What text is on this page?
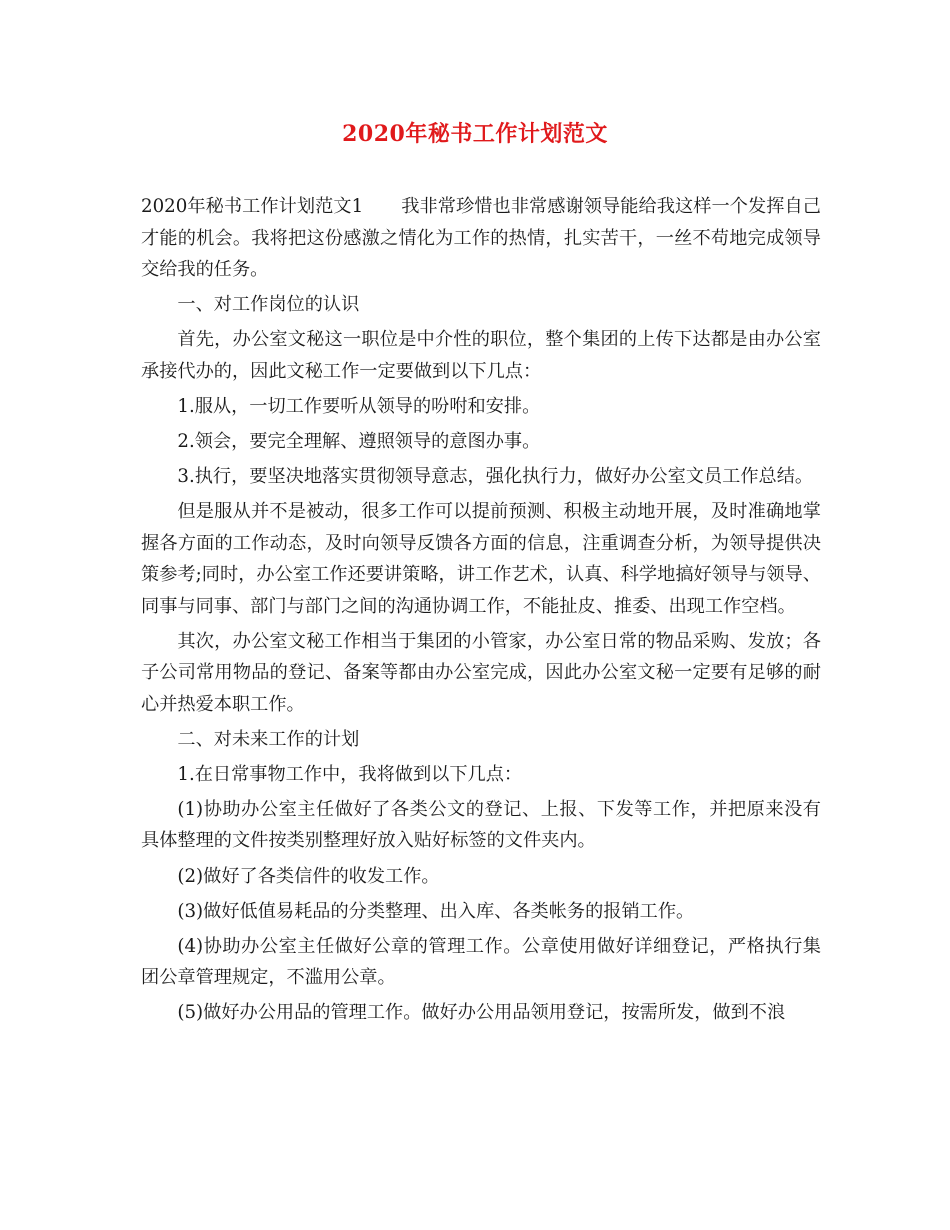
2020年秘书工作计划范文

2020年秘书工作计划范文1 我非常珍惜也非常感谢领导能给我这样一个发挥自己才能的机会。我将把这份感激之情化为工作的热情，扎实苦干，一丝不苟地完成领导交给我的任务。

一、对工作岗位的认识

首先，办公室文秘这一职位是中介性的职位，整个集团的上传下达都是由办公室承接代办的，因此文秘工作一定要做到以下几点：

1.服从，一切工作要听从领导的吩咐和安排。

2.领会，要完全理解、遵照领导的意图办事。

3.执行，要坚决地落实贯彻领导意志，强化执行力，做好办公室文员工作总结。

但是服从并不是被动，很多工作可以提前预测、积极主动地开展，及时准确地掌握各方面的工作动态，及时向领导反馈各方面的信息，注重调查分析，为领导提供决策参考;同时，办公室工作还要讲策略，讲工作艺术，认真、科学地搞好领导与领导、同事与同事、部门与部门之间的沟通协调工作，不能扯皮、推委、出现工作空档。

其次，办公室文秘工作相当于集团的小管家，办公室日常的物品采购、发放；各子公司常用物品的登记、备案等都由办公室完成，因此办公室文秘一定要有足够的耐心并热爱本职工作。

二、对未来工作的计划

1.在日常事物工作中，我将做到以下几点：

(1)协助办公室主任做好了各类公文的登记、上报、下发等工作，并把原来没有具体整理的文件按类别整理好放入贴好标签的文件夹内。

(2)做好了各类信件的收发工作。

(3)做好低值易耗品的分类整理、出入库、各类帐务的报销工作。

(4)协助办公室主任做好公章的管理工作。公章使用做好详细登记，严格执行集团公章管理规定，不滥用公章。

(5)做好办公用品的管理工作。做好办公用品领用登记，按需所发，做到不浪
